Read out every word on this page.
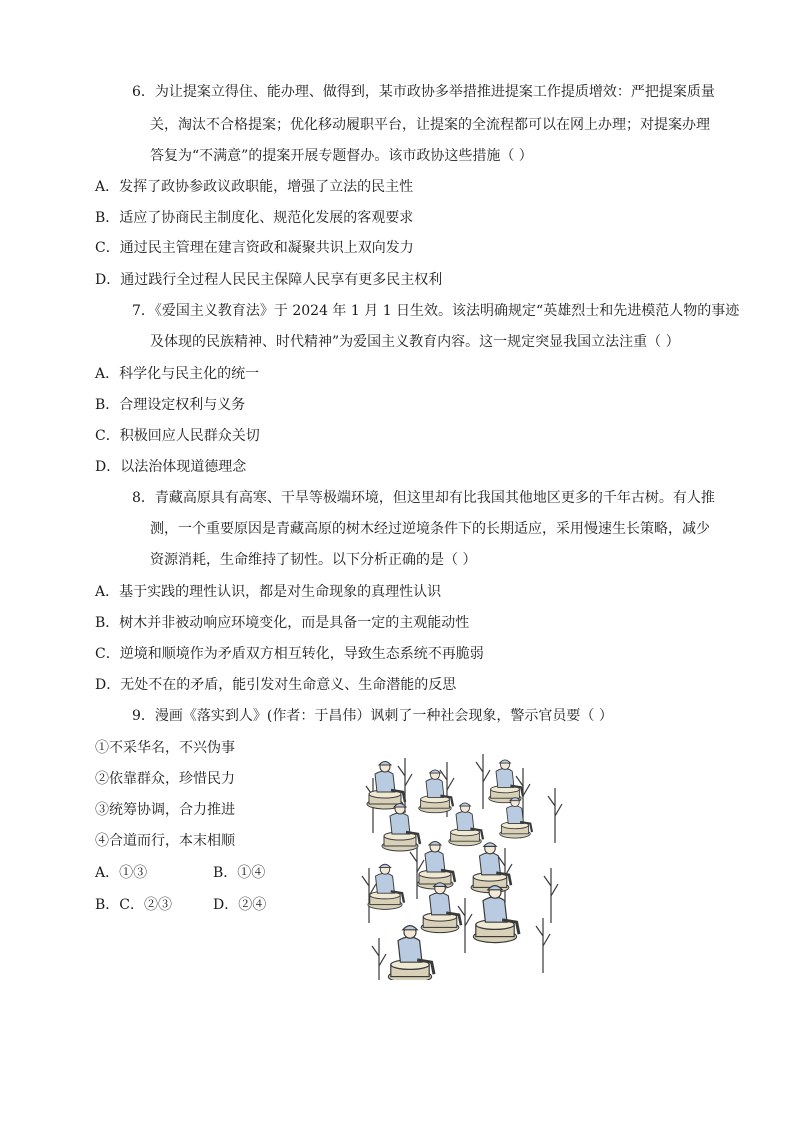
6．为让提案立得住、能办理、做得到，某市政协多举措推进提案工作提质增效：严把提案质量
关，淘汰不合格提案；优化移动履职平台，让提案的全流程都可以在网上办理；对提案办理
答复为“不满意”的提案开展专题督办。该市政协这些措施（ ）
A．发挥了政协参政议政职能，增强了立法的民主性
B．适应了协商民主制度化、规范化发展的客观要求
C．通过民主管理在建言资政和凝聚共识上双向发力
D．通过践行全过程人民民主保障人民享有更多民主权利
7．《爱国主义教育法》于 2024 年 1 月 1 日生效。该法明确规定“英雄烈士和先进模范人物的事迹
及体现的民族精神、时代精神”为爱国主义教育内容。这一规定突显我国立法注重（ ）
A．科学化与民主化的统一
B．合理设定权利与义务
C．积极回应人民群众关切
D．以法治体现道德理念
8．青藏高原具有高寒、干旱等极端环境，但这里却有比我国其他地区更多的千年古树。有人推
测，一个重要原因是青藏高原的树木经过逆境条件下的长期适应，采用慢速生长策略，减少
资源消耗，生命维持了韧性。以下分析正确的是（ ）
A．基于实践的理性认识，都是对生命现象的真理性认识
B．树木并非被动响应环境变化，而是具备一定的主观能动性
C．逆境和顺境作为矛盾双方相互转化，导致生态系统不再脆弱
D．无处不在的矛盾，能引发对生命意义、生命潜能的反思
9．漫画《落实到人》(作者：于昌伟）讽刺了一种社会现象，警示官员要（ ）
①不采华名，不兴伪事
②依靠群众，珍惜民力
③统筹协调，合力推进
④合道而行，本末相顺
A．①③	B．①④
B．C．②③	D．②④
